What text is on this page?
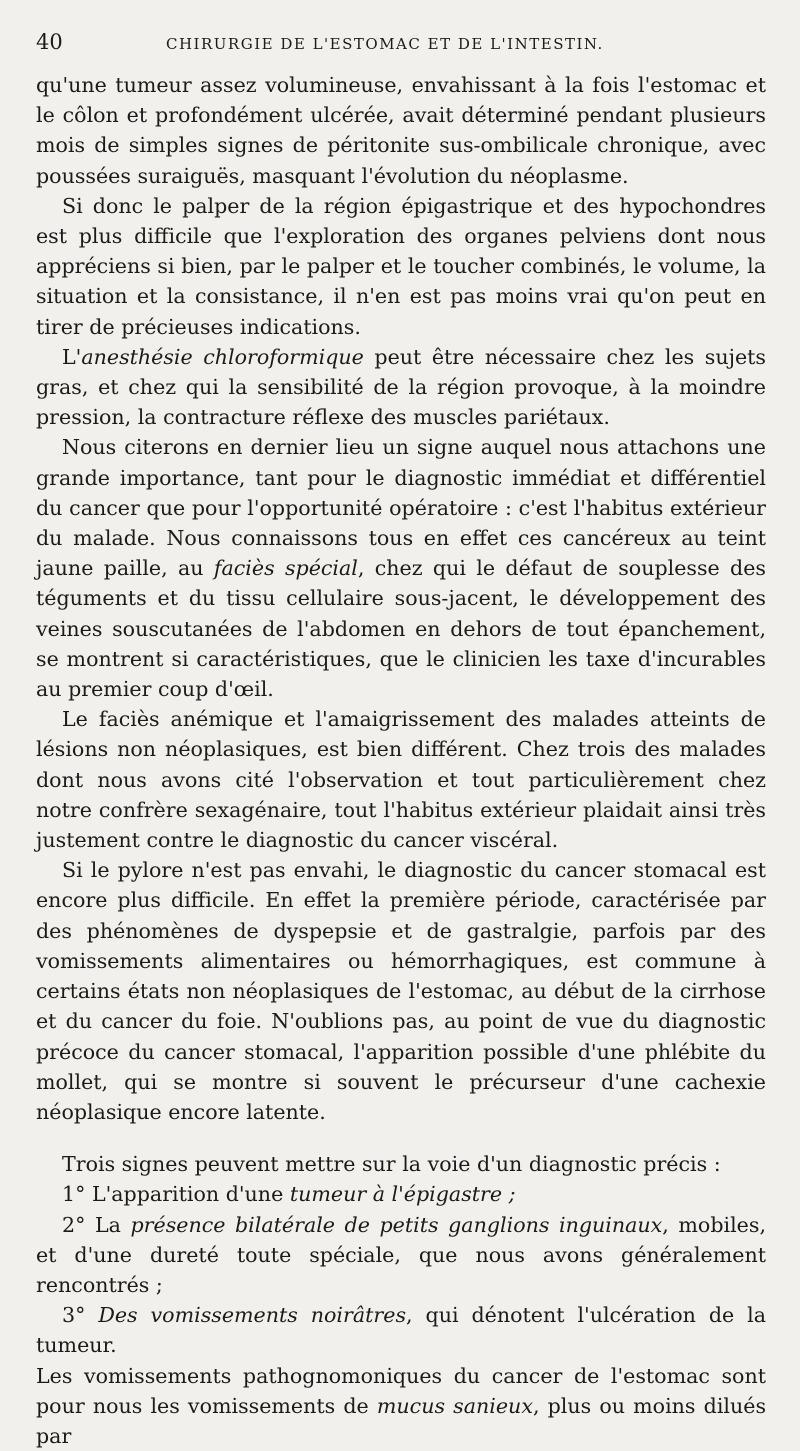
40	CHIRURGIE DE L'ESTOMAC ET DE L'INTESTIN.

qu'une tumeur assez volumineuse, envahissant à la fois l'estomac et le côlon et profondément ulcérée, avait déterminé pendant plusieurs mois de simples signes de péritonite sus-ombilicale chronique, avec poussées suraiguës, masquant l'évolution du néoplasme.

Si donc le palper de la région épigastrique et des hypochondres est plus difficile que l'exploration des organes pelviens dont nous appréciens si bien, par le palper et le toucher combinés, le volume, la situation et la consistance, il n'en est pas moins vrai qu'on peut en tirer de précieuses indications.

L'anesthésie chloroformique peut être nécessaire chez les sujets gras, et chez qui la sensibilité de la région provoque, à la moindre pression, la contracture réflexe des muscles pariétaux.

Nous citerons en dernier lieu un signe auquel nous attachons une grande importance, tant pour le diagnostic immédiat et différentiel du cancer que pour l'opportunité opératoire : c'est l'habitus extérieur du malade. Nous connaissons tous en effet ces cancéreux au teint jaune paille, au faciès spécial, chez qui le défaut de souplesse des téguments et du tissu cellulaire sous-jacent, le développement des veines souscutanées de l'abdomen en dehors de tout épanchement, se montrent si caractéristiques, que le clinicien les taxe d'incurables au premier coup d'œil.

Le faciès anémique et l'amaigrissement des malades atteints de lésions non néoplasiques, est bien différent. Chez trois des malades dont nous avons cité l'observation et tout particulièrement chez notre confrère sexagénaire, tout l'habitus extérieur plaidait ainsi très justement contre le diagnostic du cancer viscéral.

Si le pylore n'est pas envahi, le diagnostic du cancer stomacal est encore plus difficile. En effet la première période, caractérisée par des phénomènes de dyspepsie et de gastralgie, parfois par des vomissements alimentaires ou hémorrhagiques, est commune à certains états non néoplasiques de l'estomac, au début de la cirrhose et du cancer du foie. N'oublions pas, au point de vue du diagnostic précoce du cancer stomacal, l'apparition possible d'une phlébite du mollet, qui se montre si souvent le précurseur d'une cachexie néoplasique encore latente.

Trois signes peuvent mettre sur la voie d'un diagnostic précis :

1° L'apparition d'une tumeur à l'épigastre ;

2° La présence bilatérale de petits ganglions inguinaux, mobiles, et d'une dureté toute spéciale, que nous avons généralement rencontrés ;

3° Des vomissements noirâtres, qui dénotent l'ulcération de la tumeur.

Les vomissements pathognomoniques du cancer de l'estomac sont pour nous les vomissements de mucus sanieux, plus ou moins dilués par
